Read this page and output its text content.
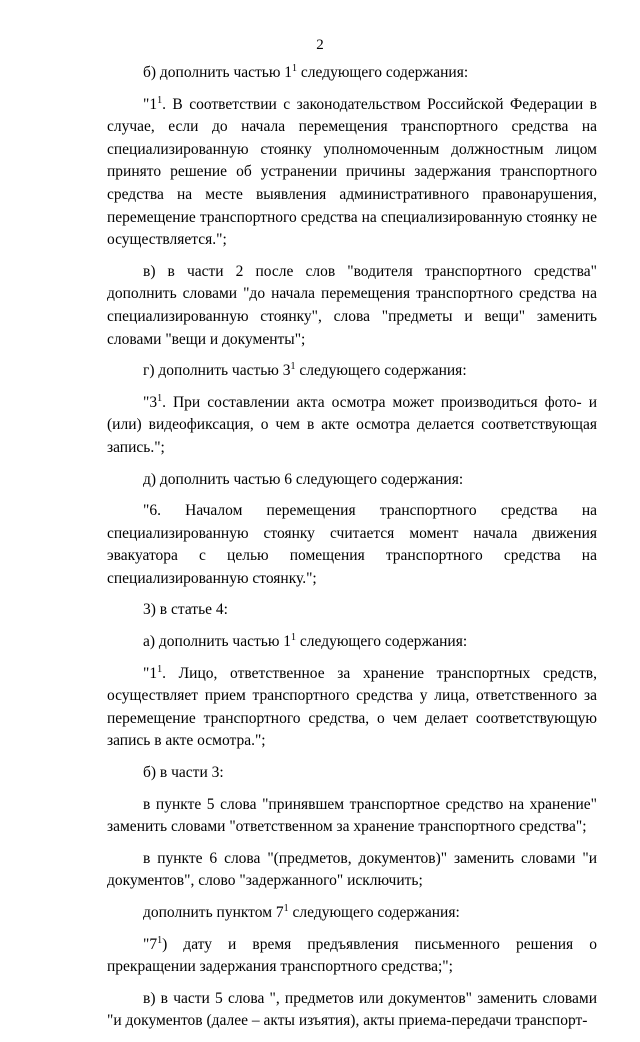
2

б) дополнить частью $1^1$ следующего содержания:

"$1^1$. В соответствии с законодательством Российской Федерации в случае, если до начала перемещения транспортного средства на специализированную стоянку уполномоченным должностным лицом принято решение об устранении причины задержания транспортного средства на месте выявления административного правонарушения, перемещение транспортного средства на специализированную стоянку не осуществляется.";

в) в части 2 после слов "водителя транспортного средства" дополнить словами "до начала перемещения транспортного средства на специализированную стоянку", слова "предметы и вещи" заменить словами "вещи и документы";

г) дополнить частью $3^1$ следующего содержания:

"$3^1$. При составлении акта осмотра может производиться фото- и (или) видеофиксация, о чем в акте осмотра делается соответствующая запись.";

д) дополнить частью 6 следующего содержания:

"6. Началом перемещения транспортного средства на специализированную стоянку считается момент начала движения эвакуатора с целью помещения транспортного средства на специализированную стоянку.";

3) в статье 4:

а) дополнить частью $1^1$ следующего содержания:

"$1^1$. Лицо, ответственное за хранение транспортных средств, осуществляет прием транспортного средства у лица, ответственного за перемещение транспортного средства, о чем делает соответствующую запись в акте осмотра.";

б) в части 3:

в пункте 5 слова "принявшем транспортное средство на хранение" заменить словами "ответственном за хранение транспортного средства";

в пункте 6 слова "(предметов, документов)" заменить словами "и документов", слово "задержанного" исключить;

дополнить пунктом $7^1$ следующего содержания:

"$7^1$) дату и время предъявления письменного решения о прекращении задержания транспортного средства;";

в) в части 5 слова ", предметов или документов" заменить словами "и документов (далее – акты изъятия), акты приема-передачи транспорт-
